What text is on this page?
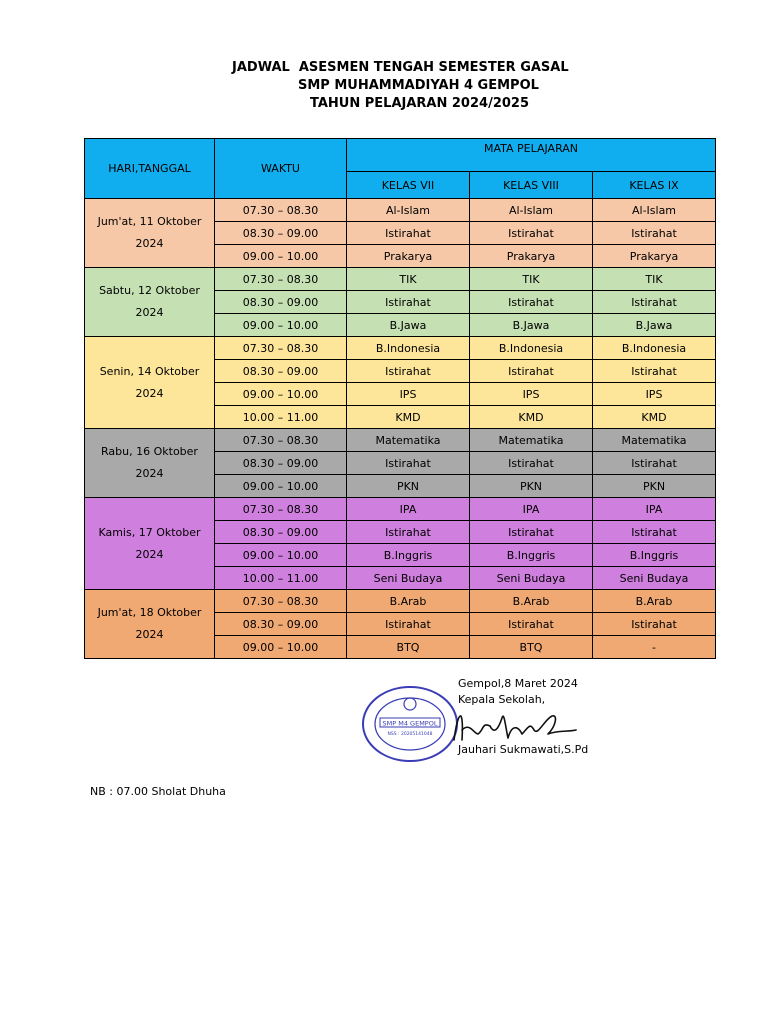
JADWAL  ASESMEN TENGAH SEMESTER GASAL
SMP MUHAMMADIYAH 4 GEMPOL
TAHUN PELAJARAN 2024/2025
HARI,TANGGAL	WAKTU	MATA PELAJARAN		
		KELAS VII	KELAS VIII	KELAS IX
Jum'at, 11 Oktober 2024	07.30 – 08.30	Al-Islam	Al-Islam	Al-Islam
	08.30 – 09.00	Istirahat	Istirahat	Istirahat
	09.00 – 10.00	Prakarya	Prakarya	Prakarya
Sabtu, 12 Oktober 2024	07.30 – 08.30	TIK	TIK	TIK
	08.30 – 09.00	Istirahat	Istirahat	Istirahat
	09.00 – 10.00	B.Jawa	B.Jawa	B.Jawa
Senin, 14 Oktober 2024	07.30 – 08.30	B.Indonesia	B.Indonesia	B.Indonesia
	08.30 – 09.00	Istirahat	Istirahat	Istirahat
	09.00 – 10.00	IPS	IPS	IPS
	10.00 – 11.00	KMD	KMD	KMD
Rabu, 16 Oktober 2024	07.30 – 08.30	Matematika	Matematika	Matematika
	08.30 – 09.00	Istirahat	Istirahat	Istirahat
	09.00 – 10.00	PKN	PKN	PKN
Kamis, 17 Oktober 2024	07.30 – 08.30	IPA	IPA	IPA
	08.30 – 09.00	Istirahat	Istirahat	Istirahat
	09.00 – 10.00	B.Inggris	B.Inggris	B.Inggris
	10.00 – 11.00	Seni Budaya	Seni Budaya	Seni Budaya
Jum'at, 18 Oktober 2024	07.30 – 08.30	B.Arab	B.Arab	B.Arab
	08.30 – 09.00	Istirahat	Istirahat	Istirahat
	09.00 – 10.00	BTQ	BTQ	-
SMP M4 GEMPOL
NSS : 20205141048
Gempol,8 Maret 2024
Kepala Sekolah,
Jauhari Sukmawati,S.Pd
NB : 07.00 Sholat Dhuha
